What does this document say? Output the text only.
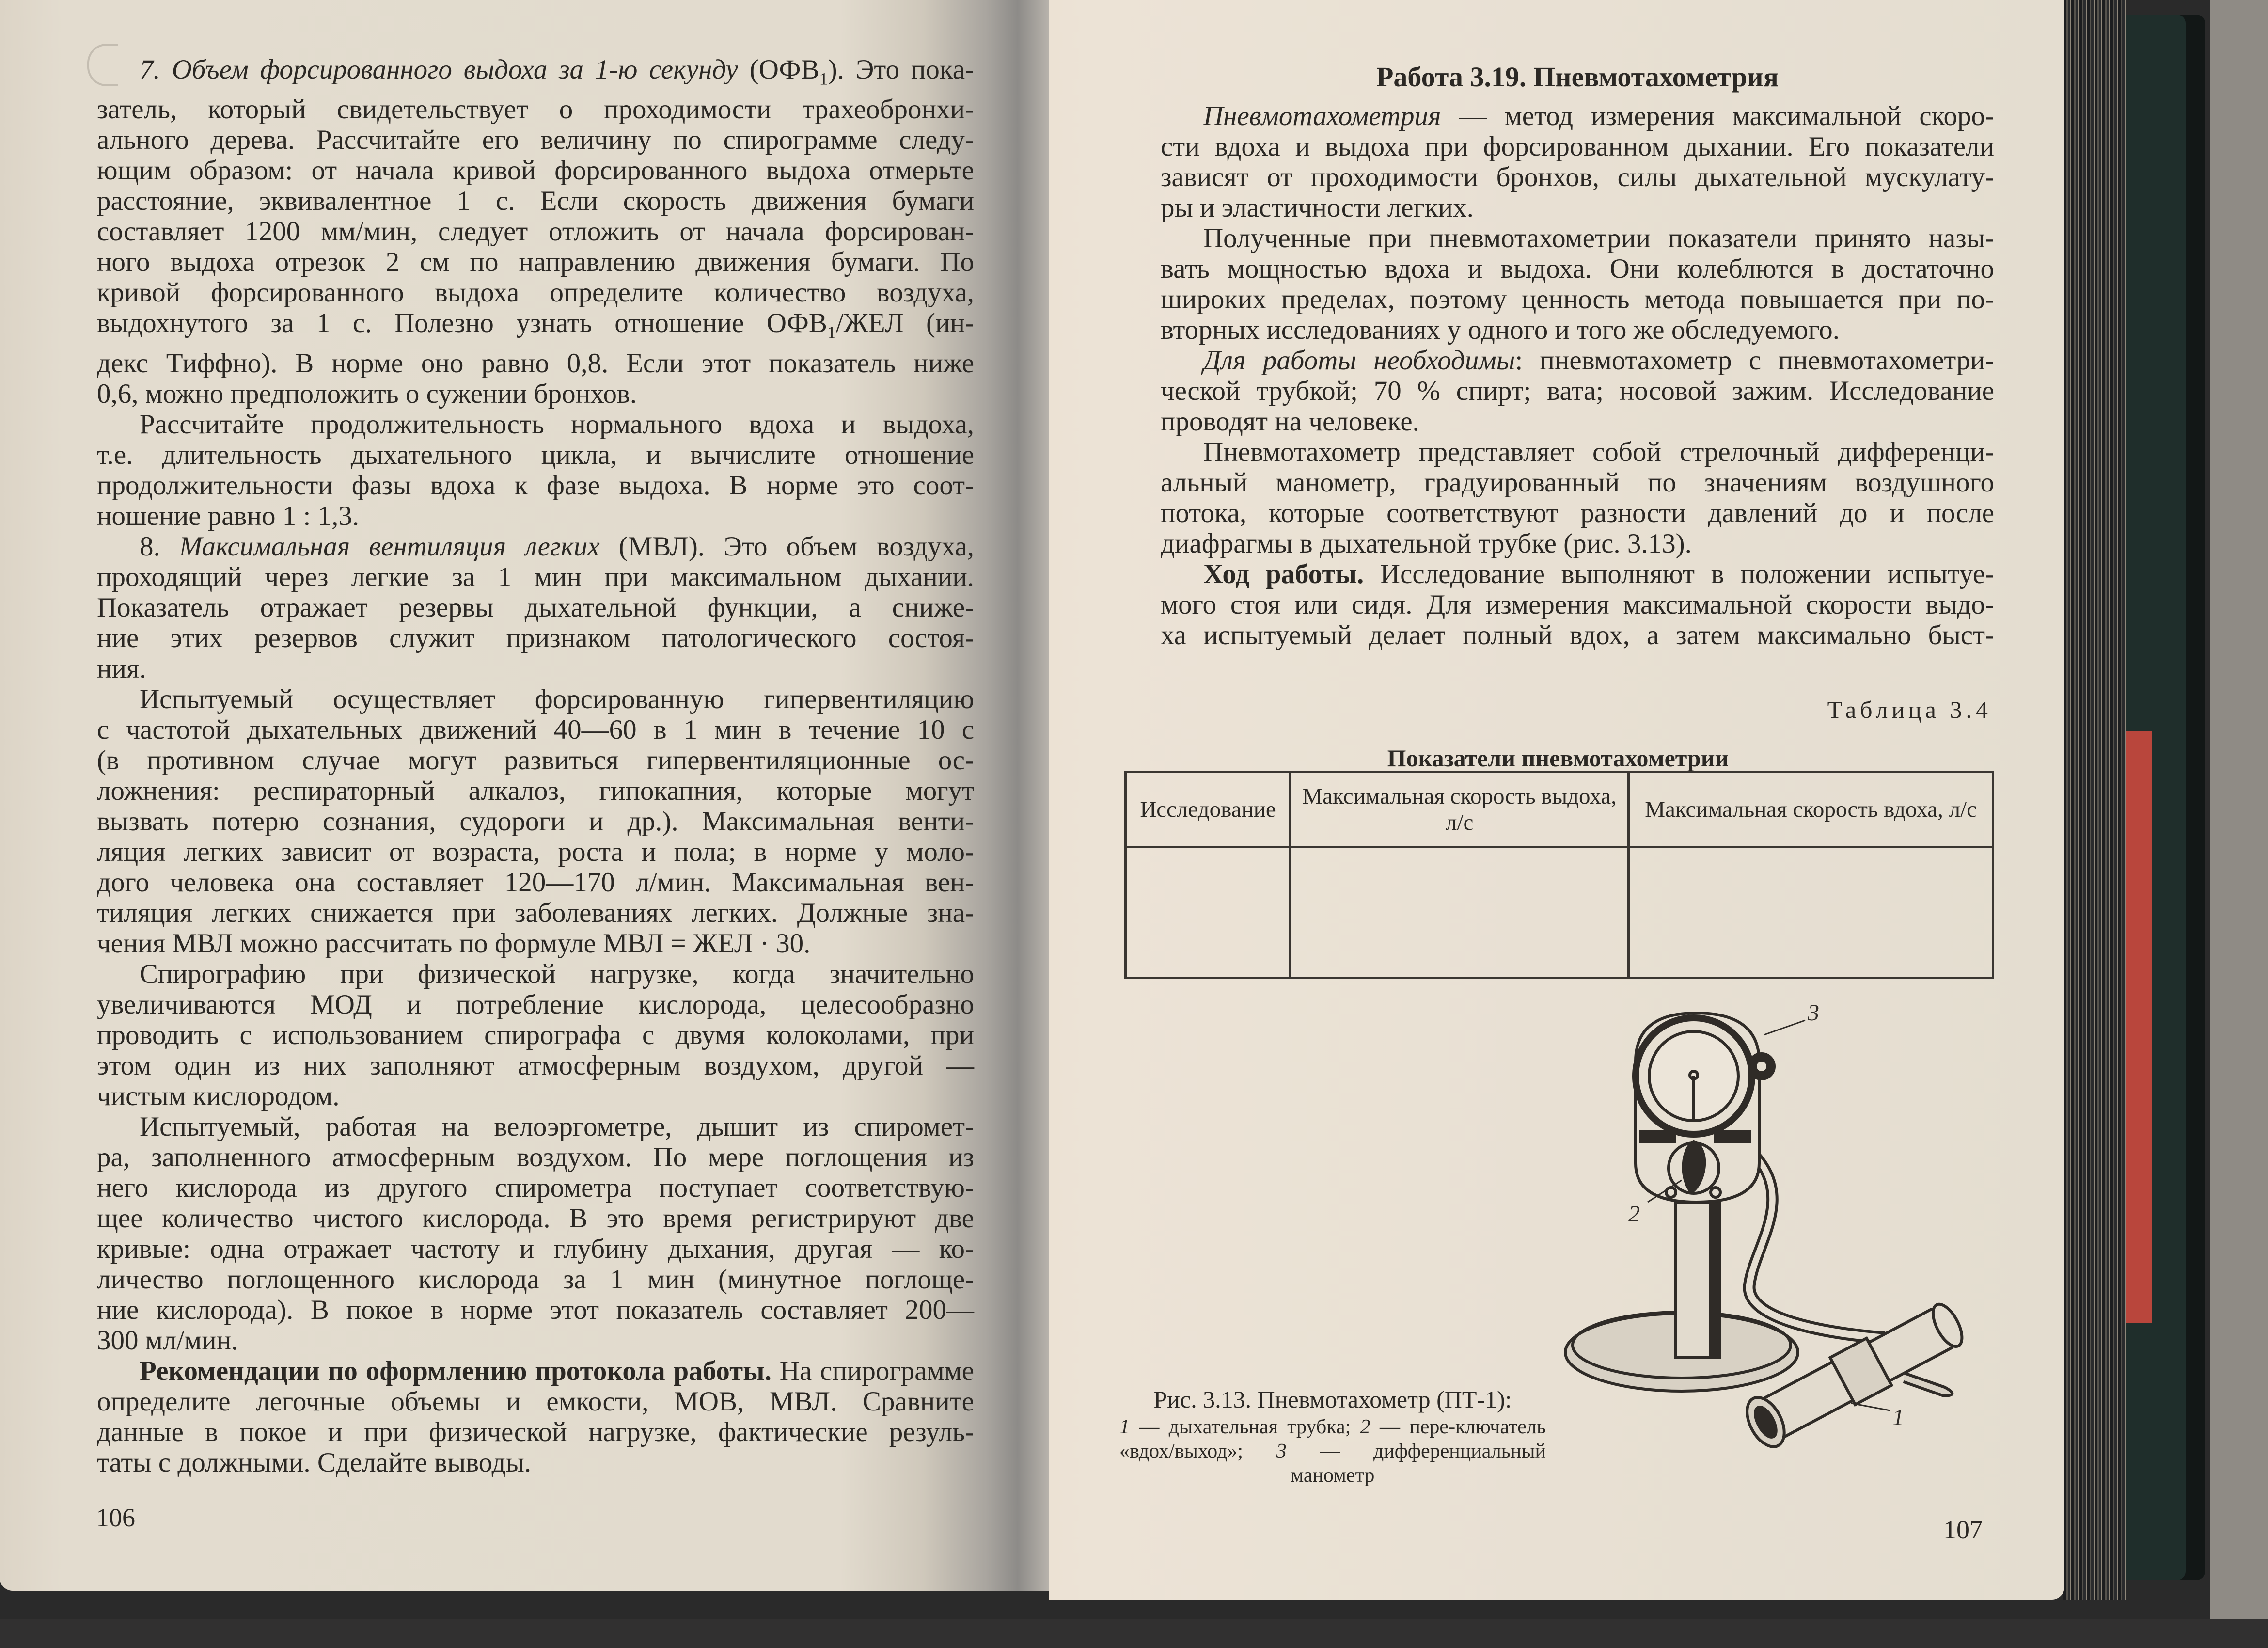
7. Объем форсированного выдоха за 1-ю секунду $(ОФВ_1)$. Это пока-
затель, который свидетельствует о проходимости трахеобронхи-
ального дерева. Рассчитайте его величину по спирограмме следу-
ющим образом: от начала кривой форсированного выдоха отмерьте
расстояние, эквивалентное 1 с. Если скорость движения бумаги
составляет 1200 мм/мин, следует отложить от начала форсирован-
ного выдоха отрезок 2 см по направлению движения бумаги. По
кривой форсированного выдоха определите количество воздуха,
выдохнутого за 1 с. Полезно узнать отношение $ОФВ_1$/ЖЕЛ (ин-
декс Тиффно). В норме оно равно 0,8. Если этот показатель ниже
0,6, можно предположить о сужении бронхов.
Рассчитайте продолжительность нормального вдоха и выдоха,
т.е. длительность дыхательного цикла, и вычислите отношение
продолжительности фазы вдоха к фазе выдоха. В норме это соот-
ношение равно 1 : 1,3.
8. Максимальная вентиляция легких (МВЛ). Это объем воздуха,
проходящий через легкие за 1 мин при максимальном дыхании.
Показатель отражает резервы дыхательной функции, а сниже-
ние этих резервов служит признаком патологического состоя-
ния.
Испытуемый осуществляет форсированную гипервентиляцию
с частотой дыхательных движений 40—60 в 1 мин в течение 10 с
(в противном случае могут развиться гипервентиляционные ос-
ложнения: респираторный алкалоз, гипокапния, которые могут
вызвать потерю сознания, судороги и др.). Максимальная венти-
ляция легких зависит от возраста, роста и пола; в норме у моло-
дого человека она составляет 120—170 л/мин. Максимальная вен-
тиляция легких снижается при заболеваниях легких. Должные зна-
чения МВЛ можно рассчитать по формуле МВЛ = ЖЕЛ · 30.
Спирографию при физической нагрузке, когда значительно
увеличиваются МОД и потребление кислорода, целесообразно
проводить с использованием спирографа с двумя колоколами, при
этом один из них заполняют атмосферным воздухом, другой —
чистым кислородом.
Испытуемый, работая на велоэргометре, дышит из спиромет-
ра, заполненного атмосферным воздухом. По мере поглощения из
него кислорода из другого спирометра поступает соответствую-
щее количество чистого кислорода. В это время регистрируют две
кривые: одна отражает частоту и глубину дыхания, другая — ко-
личество поглощенного кислорода за 1 мин (минутное поглоще-
ние кислорода). В покое в норме этот показатель составляет 200—
300 мл/мин.
Рекомендации по оформлению протокола работы. На спирограмме
определите легочные объемы и емкости, МОВ, МВЛ. Сравните
данные в покое и при физической нагрузке, фактические резуль-
таты с должными. Сделайте выводы.
106
Работа 3.19. Пневмотахометрия
Пневмотахометрия — метод измерения максимальной скоро-
сти вдоха и выдоха при форсированном дыхании. Его показатели
зависят от проходимости бронхов, силы дыхательной мускулату-
ры и эластичности легких.
Полученные при пневмотахометрии показатели принято назы-
вать мощностью вдоха и выдоха. Они колеблются в достаточно
широких пределах, поэтому ценность метода повышается при по-
вторных исследованиях у одного и того же обследуемого.
Для работы необходимы: пневмотахометр с пневмотахометри-
ческой трубкой; 70 % спирт; вата; носовой зажим. Исследование
проводят на человеке.
Пневмотахометр представляет собой стрелочный дифференци-
альный манометр, градуированный по значениям воздушного
потока, которые соответствуют разности давлений до и после
диафрагмы в дыхательной трубке (рис. 3.13).
Ход работы. Исследование выполняют в положении испытуе-
мого стоя или сидя. Для измерения максимальной скорости выдо-
ха испытуемый делает полный вдох, а затем максимально быст-
Таблица 3.4
Показатели пневмотахометрии
Исследование	Максимальная скорость выдоха, л/с	Максимальная скорость вдоха, л/с

Рис. 3.13. Пневмотахометр (ПТ-1):
1 — дыхательная трубка; 2 — пере-ключатель «вдох/выход»; 3 — дифференциальный манометр
3
2
1
107
